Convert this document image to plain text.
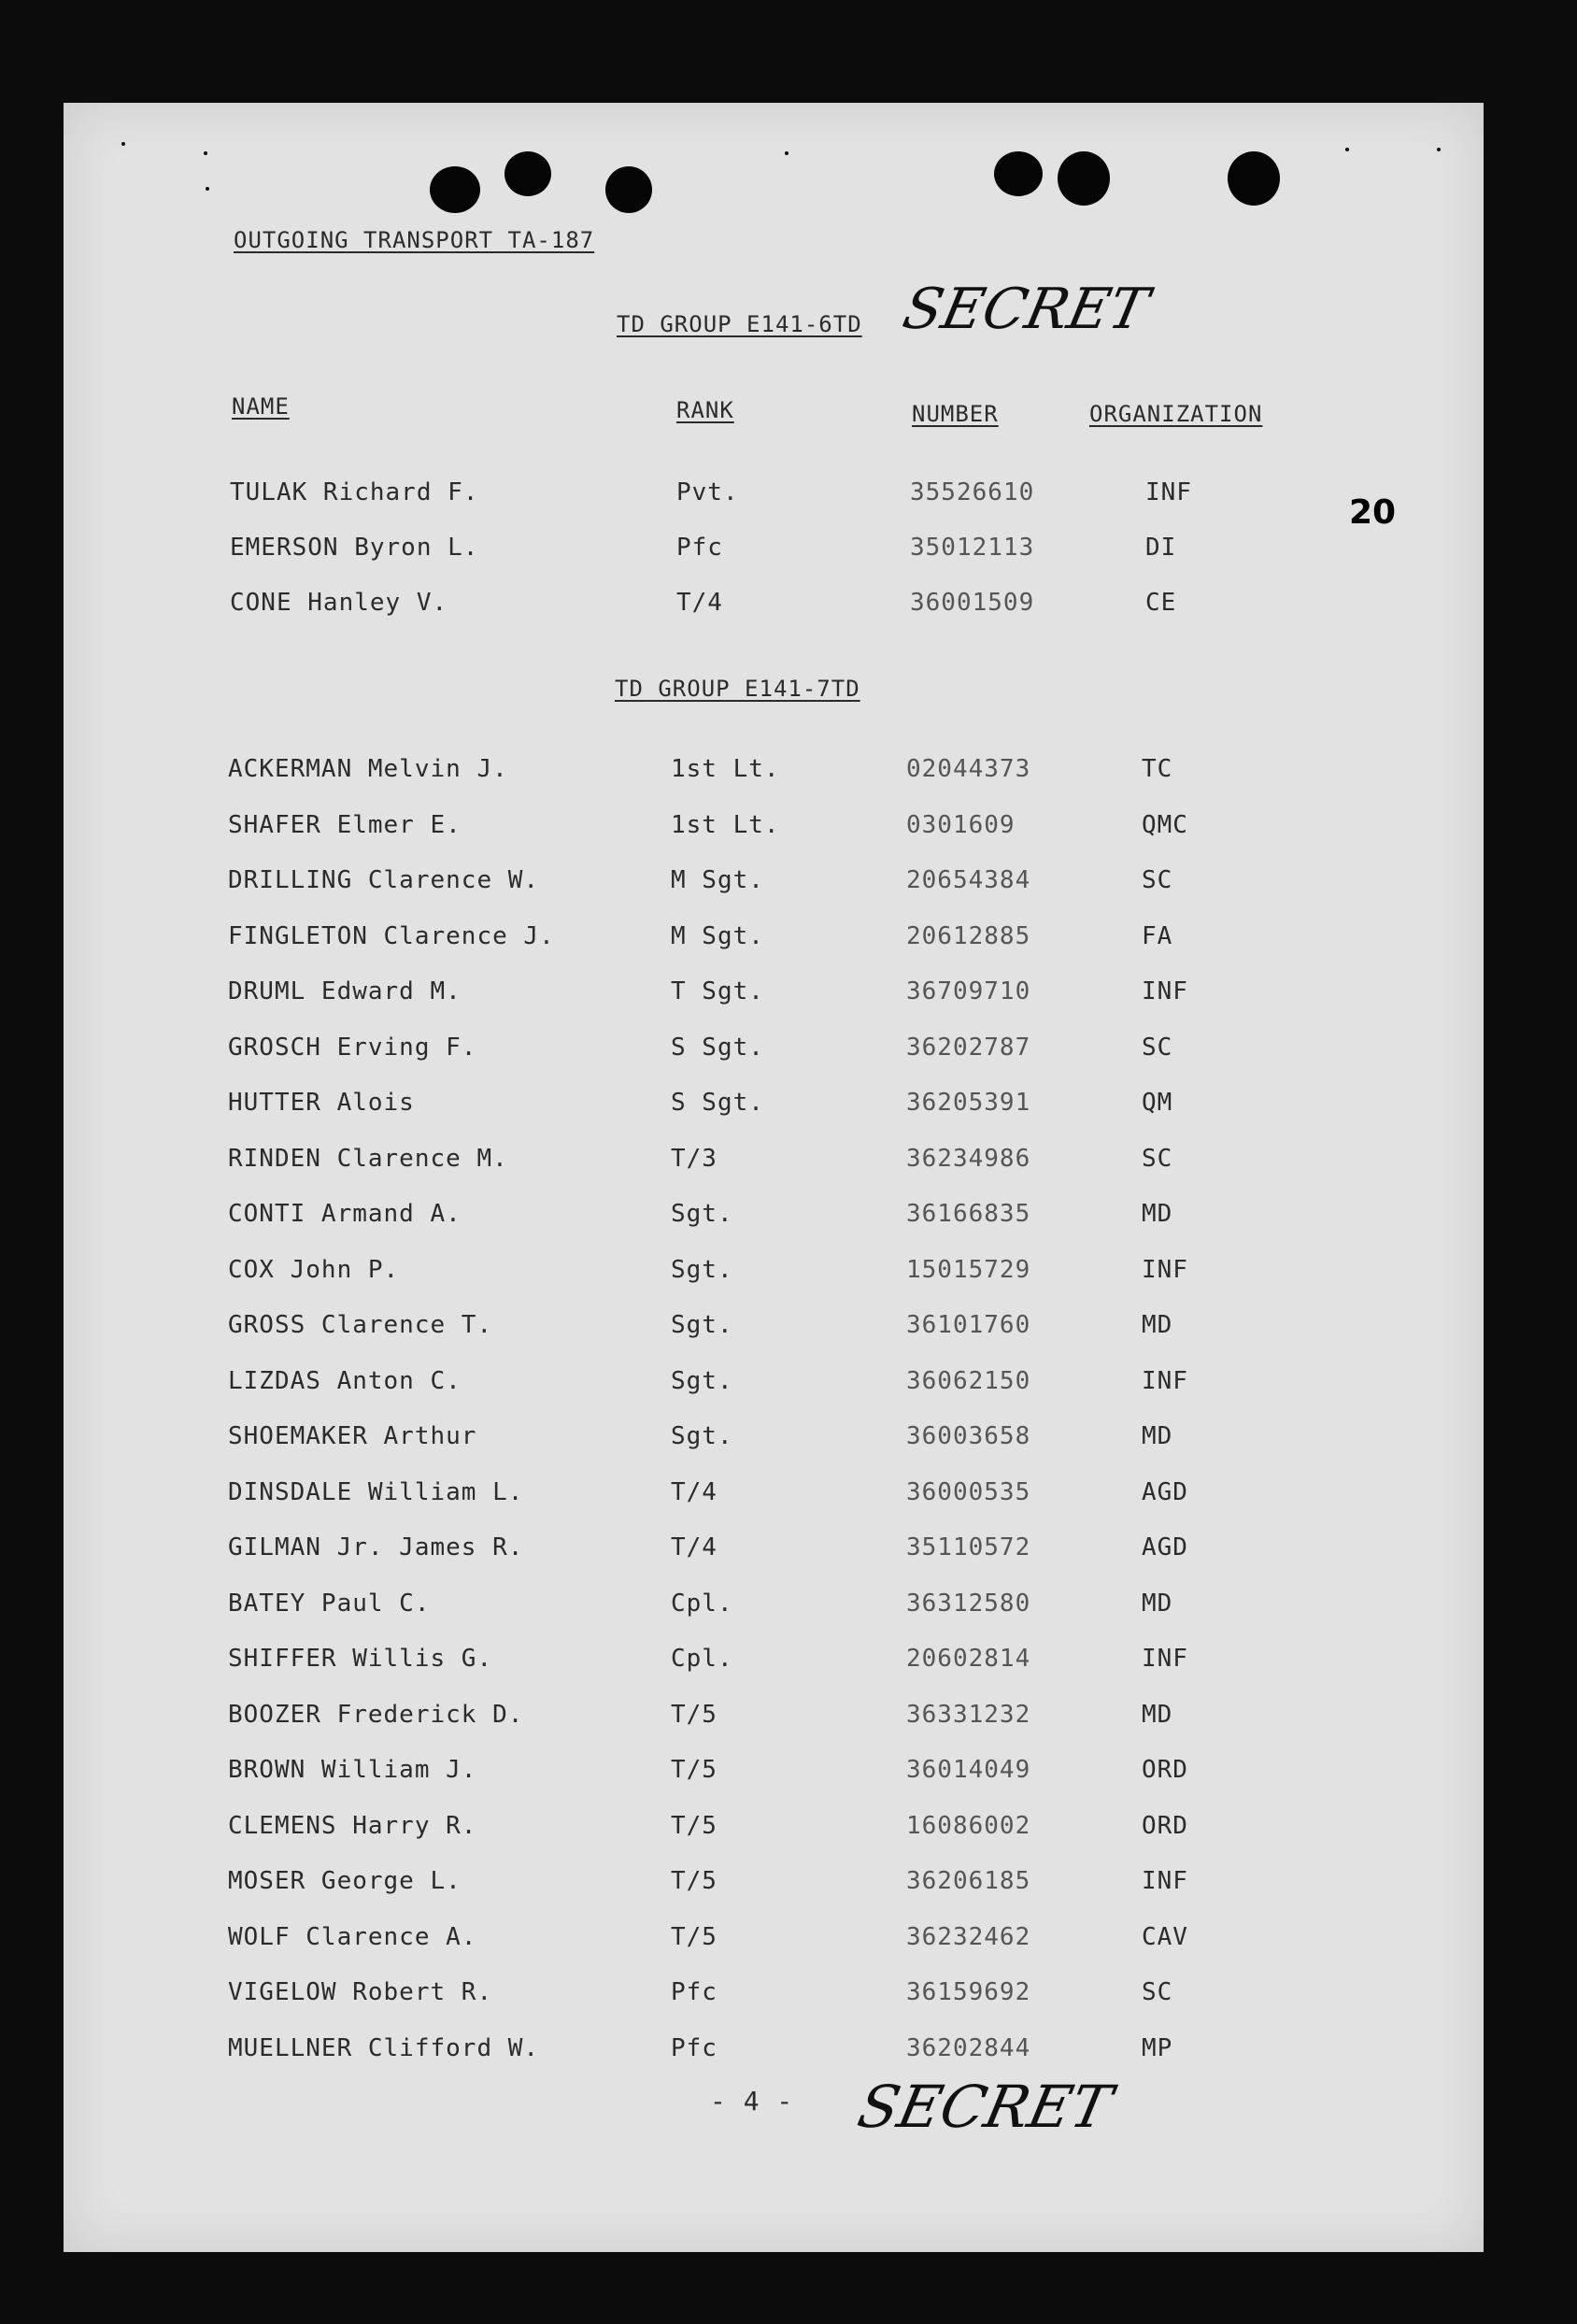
OUTGOING TRANSPORT TA-187
SECRET
TD GROUP E141-6TD
NAME	RANK	NUMBER	ORGANIZATION
20
TULAK Richard F.	Pvt.	35526610	INF
EMERSON Byron L.	Pfc	35012113	DI
CONE Hanley V.	T/4	36001509	CE
TD GROUP E141-7TD
ACKERMAN Melvin J.	1st Lt.	02044373	TC
SHAFER Elmer E.	1st Lt.	0301609	QMC
DRILLING Clarence W.	M Sgt.	20654384	SC
FINGLETON Clarence J.	M Sgt.	20612885	FA
DRUML Edward M.	T Sgt.	36709710	INF
GROSCH Erving F.	S Sgt.	36202787	SC
HUTTER Alois	S Sgt.	36205391	QM
RINDEN Clarence M.	T/3	36234986	SC
CONTI Armand A.	Sgt.	36166835	MD
COX John P.	Sgt.	15015729	INF
GROSS Clarence T.	Sgt.	36101760	MD
LIZDAS Anton C.	Sgt.	36062150	INF
SHOEMAKER Arthur	Sgt.	36003658	MD
DINSDALE William L.	T/4	36000535	AGD
GILMAN Jr. James R.	T/4	35110572	AGD
BATEY Paul C.	Cpl.	36312580	MD
SHIFFER Willis G.	Cpl.	20602814	INF
BOOZER Frederick D.	T/5	36331232	MD
BROWN William J.	T/5	36014049	ORD
CLEMENS Harry R.	T/5	16086002	ORD
MOSER George L.	T/5	36206185	INF
WOLF Clarence A.	T/5	36232462	CAV
VIGELOW Robert R.	Pfc	36159692	SC
MUELLNER Clifford W.	Pfc	36202844	MP
- 4 - SECRET
